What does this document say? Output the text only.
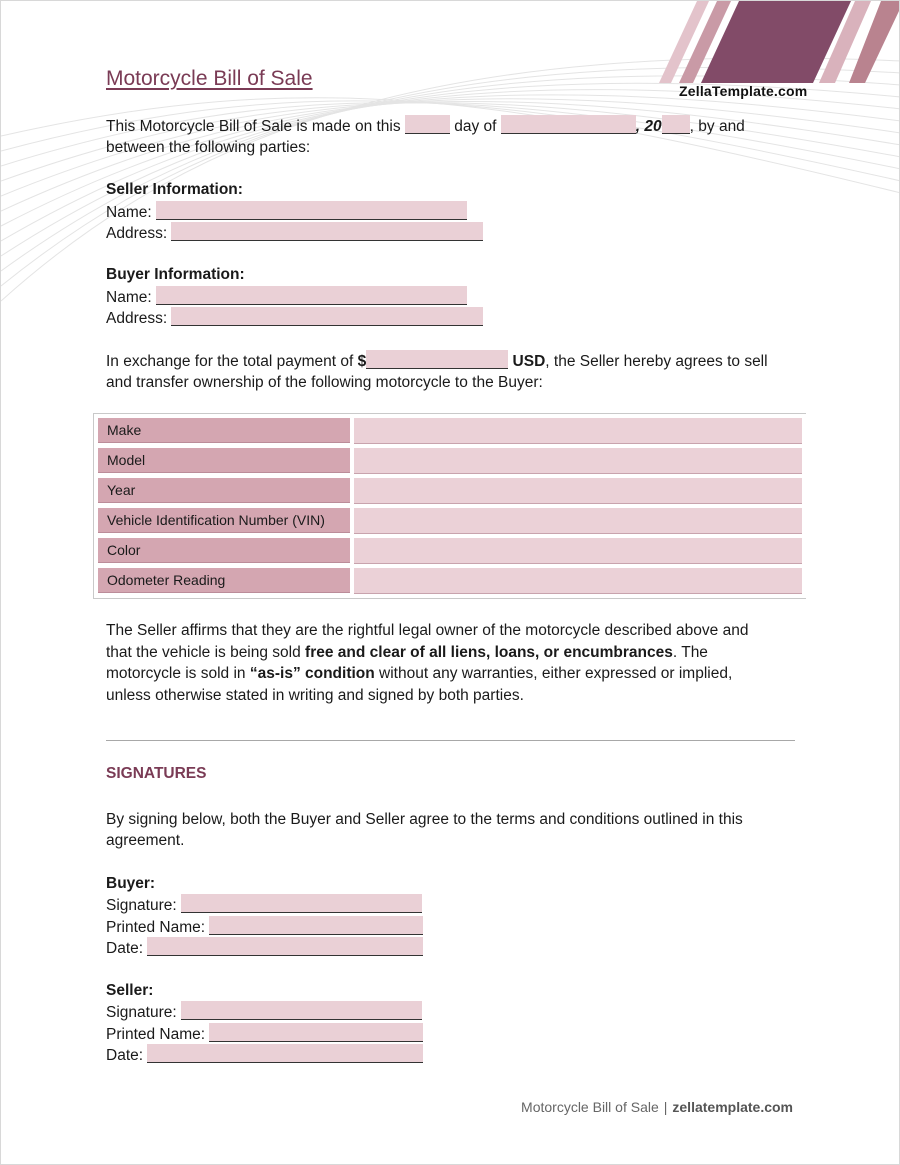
ZellaTemplate.com
Motorcycle Bill of Sale
This Motorcycle Bill of Sale is made on this	day of	, 20 , by and
between the following parties:
Seller Information:
Name:
Address:
Buyer Information:
Name:
Address:
In exchange for the total payment of $	USD, the Seller hereby agrees to sell
and transfer ownership of the following motorcycle to the Buyer:
Make
Model
Year
Vehicle Identification Number (VIN)
Color
Odometer Reading
The Seller affirms that they are the rightful legal owner of the motorcycle described above and
that the vehicle is being sold free and clear of all liens, loans, or encumbrances. The
motorcycle is sold in “as-is” condition without any warranties, either expressed or implied,
unless otherwise stated in writing and signed by both parties.
SIGNATURES
By signing below, both the Buyer and Seller agree to the terms and conditions outlined in this
agreement.
Buyer:
Signature:
Printed Name:
Date:
Seller:
Signature:
Printed Name:
Date:
Motorcycle Bill of Sale | zellatemplate.com
